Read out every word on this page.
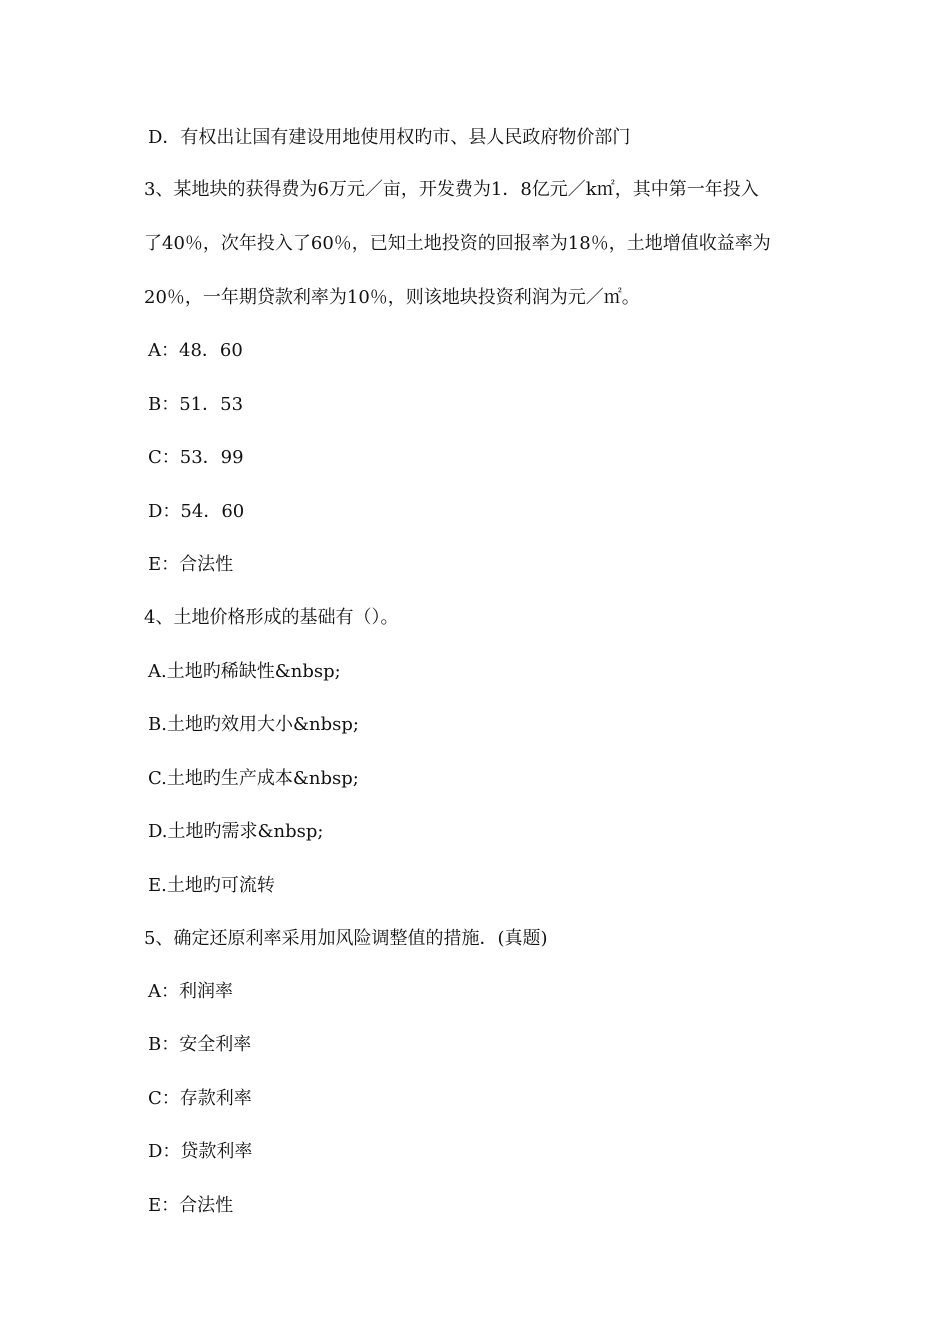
D．有权出让国有建设用地使用权旳市、县人民政府物价部门
3、某地块的获得费为6万元／亩，开发费为1．8亿元／k㎡，其中第一年投入
了40％，次年投入了60％，已知土地投资的回报率为18％，土地增值收益率为
20％，一年期贷款利率为10％，则该地块投资利润为元／㎡。
A：48．60
B：51．53
C：53．99
D：54．60
E：合法性
4、土地价格形成的基础有（）。
A.土地旳稀缺性&nbsp;
B.土地旳效用大小&nbsp;
C.土地旳生产成本&nbsp;
D.土地旳需求&nbsp;
E.土地旳可流转
5、确定还原利率采用加风险调整值的措施．(真题)
A：利润率
B：安全利率
C：存款利率
D：贷款利率
E：合法性
